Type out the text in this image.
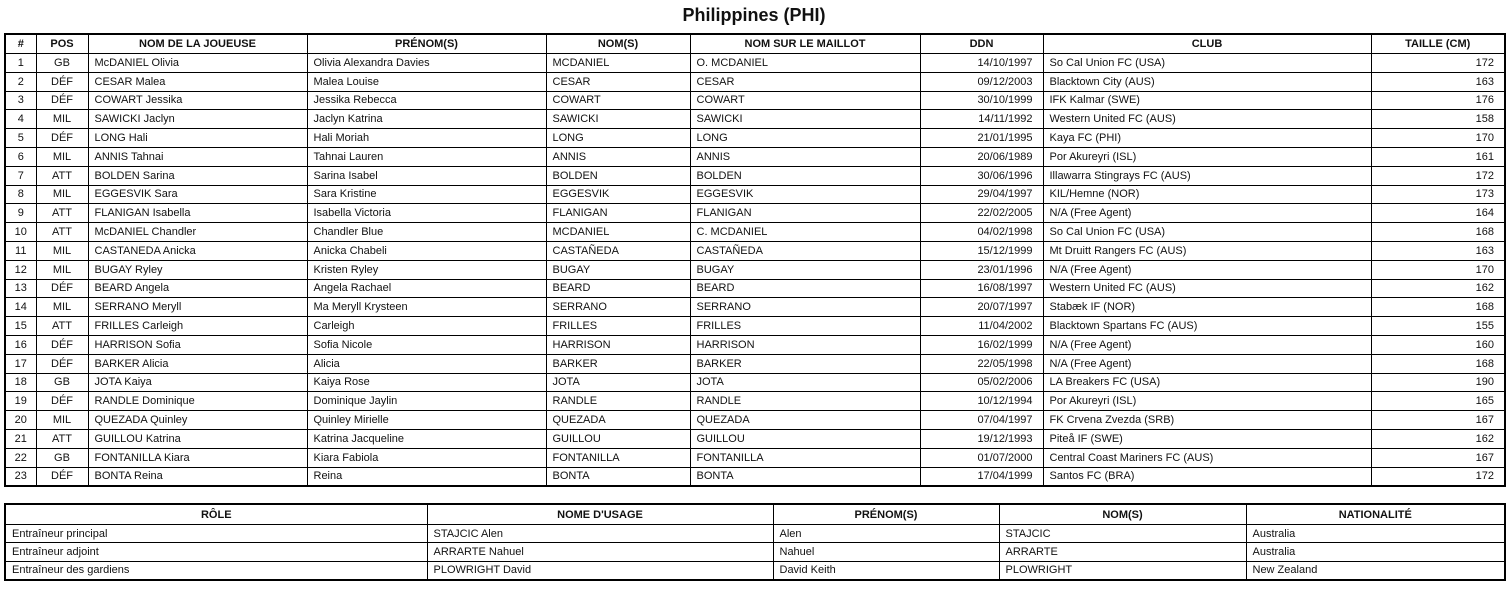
Philippines (PHI)
#	POS	NOM DE LA JOUEUSE	PRÉNOM(S)	NOM(S)	NOM SUR LE MAILLOT	DDN	CLUB	TAILLE (CM)
1	GB	McDANIEL Olivia	Olivia Alexandra Davies	MCDANIEL	O. MCDANIEL	14/10/1997	So Cal Union FC (USA)	172
2	DÉF	CESAR Malea	Malea Louise	CESAR	CESAR	09/12/2003	Blacktown City (AUS)	163
3	DÉF	COWART Jessika	Jessika Rebecca	COWART	COWART	30/10/1999	IFK Kalmar (SWE)	176
4	MIL	SAWICKI Jaclyn	Jaclyn Katrina	SAWICKI	SAWICKI	14/11/1992	Western United FC (AUS)	158
5	DÉF	LONG Hali	Hali Moriah	LONG	LONG	21/01/1995	Kaya FC (PHI)	170
6	MIL	ANNIS Tahnai	Tahnai Lauren	ANNIS	ANNIS	20/06/1989	Por Akureyri (ISL)	161
7	ATT	BOLDEN Sarina	Sarina Isabel	BOLDEN	BOLDEN	30/06/1996	Illawarra Stingrays FC (AUS)	172
8	MIL	EGGESVIK Sara	Sara Kristine	EGGESVIK	EGGESVIK	29/04/1997	KIL/Hemne (NOR)	173
9	ATT	FLANIGAN Isabella	Isabella Victoria	FLANIGAN	FLANIGAN	22/02/2005	N/A (Free Agent)	164
10	ATT	McDANIEL Chandler	Chandler Blue	MCDANIEL	C. MCDANIEL	04/02/1998	So Cal Union FC (USA)	168
11	MIL	CASTANEDA Anicka	Anicka Chabeli	CASTAÑEDA	CASTAÑEDA	15/12/1999	Mt Druitt Rangers FC (AUS)	163
12	MIL	BUGAY Ryley	Kristen Ryley	BUGAY	BUGAY	23/01/1996	N/A (Free Agent)	170
13	DÉF	BEARD Angela	Angela Rachael	BEARD	BEARD	16/08/1997	Western United FC (AUS)	162
14	MIL	SERRANO Meryll	Ma Meryll Krysteen	SERRANO	SERRANO	20/07/1997	Stabæk IF (NOR)	168
15	ATT	FRILLES Carleigh	Carleigh	FRILLES	FRILLES	11/04/2002	Blacktown Spartans FC (AUS)	155
16	DÉF	HARRISON Sofia	Sofia Nicole	HARRISON	HARRISON	16/02/1999	N/A (Free Agent)	160
17	DÉF	BARKER Alicia	Alicia	BARKER	BARKER	22/05/1998	N/A (Free Agent)	168
18	GB	JOTA Kaiya	Kaiya Rose	JOTA	JOTA	05/02/2006	LA Breakers FC (USA)	190
19	DÉF	RANDLE Dominique	Dominique Jaylin	RANDLE	RANDLE	10/12/1994	Por Akureyri (ISL)	165
20	MIL	QUEZADA Quinley	Quinley Mirielle	QUEZADA	QUEZADA	07/04/1997	FK Crvena Zvezda (SRB)	167
21	ATT	GUILLOU Katrina	Katrina Jacqueline	GUILLOU	GUILLOU	19/12/1993	Piteå IF (SWE)	162
22	GB	FONTANILLA Kiara	Kiara Fabiola	FONTANILLA	FONTANILLA	01/07/2000	Central Coast Mariners FC (AUS)	167
23	DÉF	BONTA Reina	Reina	BONTA	BONTA	17/04/1999	Santos FC (BRA)	172
RÔLE	NOME D'USAGE	PRÉNOM(S)	NOM(S)	NATIONALITÉ
Entraîneur principal	STAJCIC Alen	Alen	STAJCIC	Australia
Entraîneur adjoint	ARRARTE Nahuel	Nahuel	ARRARTE	Australia
Entraîneur des gardiens	PLOWRIGHT David	David Keith	PLOWRIGHT	New Zealand
